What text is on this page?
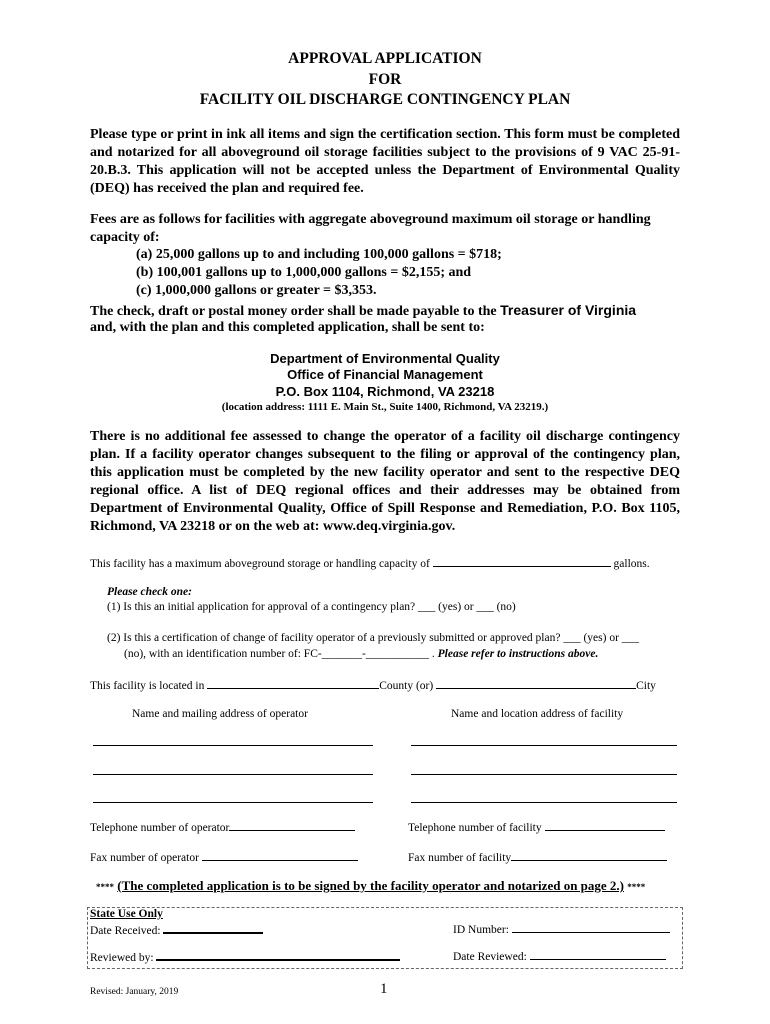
APPROVAL APPLICATION
FOR
FACILITY OIL DISCHARGE CONTINGENCY PLAN
Please type or print in ink all items and sign the certification section. This form must be completed and notarized for all aboveground oil storage facilities subject to the provisions of 9 VAC 25-91-20.B.3. This application will not be accepted unless the Department of Environmental Quality (DEQ) has received the plan and required fee.
Fees are as follows for facilities with aggregate aboveground maximum oil storage or handling capacity of:
(a) 25,000 gallons up to and including 100,000 gallons = $718;
(b) 100,001 gallons up to 1,000,000 gallons = $2,155; and
(c) 1,000,000 gallons or greater = $3,353.
The check, draft or postal money order shall be made payable to the Treasurer of Virginia
and, with the plan and this completed application, shall be sent to:
Department of Environmental Quality
Office of Financial Management
P.O. Box 1104, Richmond, VA 23218
(location address: 1111 E. Main St., Suite 1400, Richmond, VA 23219.)
There is no additional fee assessed to change the operator of a facility oil discharge contingency plan. If a facility operator changes subsequent to the filing or approval of the contingency plan, this application must be completed by the new facility operator and sent to the respective DEQ regional office. A list of DEQ regional offices and their addresses may be obtained from Department of Environmental Quality, Office of Spill Response and Remediation, P.O. Box 1105, Richmond, VA 23218 or on the web at: www.deq.virginia.gov.
This facility has a maximum aboveground storage or handling capacity of	gallons.
Please check one:
(1) Is this an initial application for approval of a contingency plan? ___ (yes) or ___ (no)
(2) Is this a certification of change of facility operator of a previously submitted or approved plan? ___ (yes) or ___
(no), with an identification number of: FC-_______-___________ . Please refer to instructions above.
This facility is located in	County (or)	City
Name and mailing address of operator	Name and location address of facility
Telephone number of operator	Telephone number of facility
Fax number of operator	Fax number of facility
**** (The completed application is to be signed by the facility operator and notarized on page 2.) ****
State Use Only
Date Received:	ID Number:
Reviewed by:	Date Reviewed:
Revised: January, 2019	1
